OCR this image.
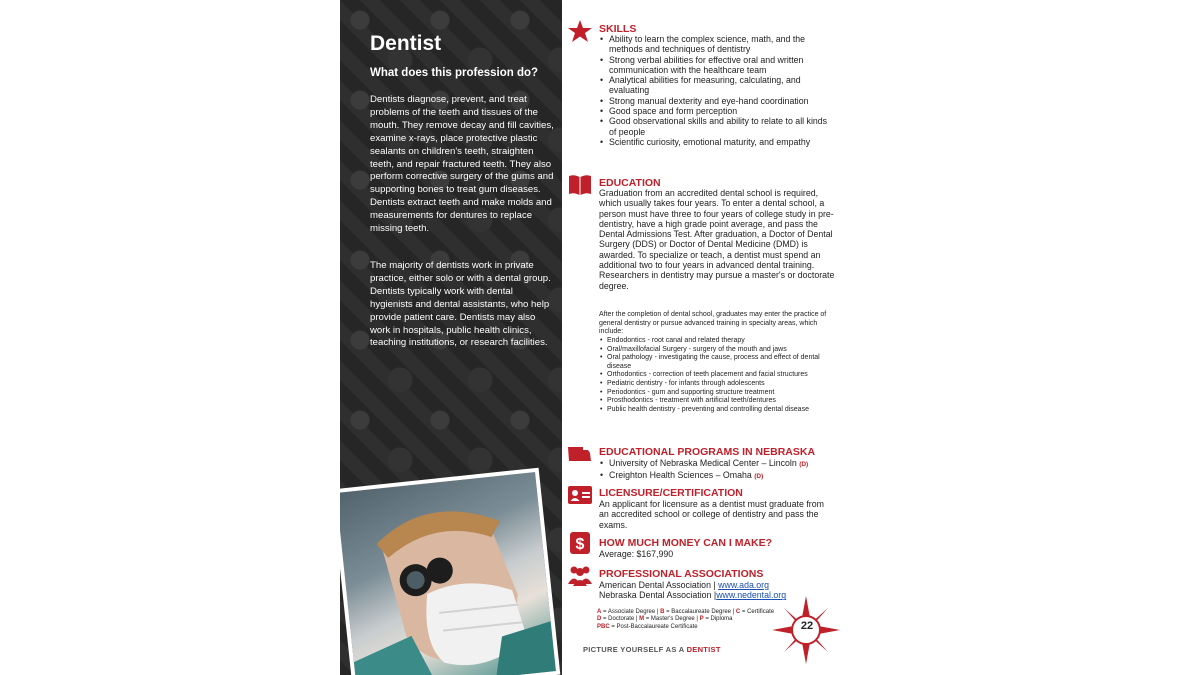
Dentist
What does this profession do?
Dentists diagnose, prevent, and treat problems of the teeth and tissues of the mouth. They remove decay and fill cavities, examine x-rays, place protective plastic sealants on children's teeth, straighten teeth, and repair fractured teeth. They also perform corrective surgery of the gums and supporting bones to treat gum diseases. Dentists extract teeth and make molds and measurements for dentures to replace missing teeth.
The majority of dentists work in private practice, either solo or with a dental group. Dentists typically work with dental hygienists and dental assistants, who help provide patient care. Dentists may also work in hospitals, public health clinics, teaching institutions, or research facilities.
SKILLS
• Ability to learn the complex science, math, and the methods and techniques of dentistry
• Strong verbal abilities for effective oral and written communication with the healthcare team
• Analytical abilities for measuring, calculating, and evaluating
• Strong manual dexterity and eye-hand coordination
• Good space and form perception
• Good observational skills and ability to relate to all kinds of people
• Scientific curiosity, emotional maturity, and empathy
EDUCATION
Graduation from an accredited dental school is required, which usually takes four years. To enter a dental school, a person must have three to four years of college study in pre-dentistry, have a high grade point average, and pass the Dental Admissions Test. After graduation, a Doctor of Dental Surgery (DDS) or Doctor of Dental Medicine (DMD) is awarded. To specialize or teach, a dentist must spend an additional two to four years in advanced dental training. Researchers in dentistry may pursue a master's or doctorate degree.
After the completion of dental school, graduates may enter the practice of general dentistry or pursue advanced training in specialty areas, which include:
• Endodontics - root canal and related therapy
• Oral/maxillofacial Surgery - surgery of the mouth and jaws
• Oral pathology - investigating the cause, process and effect of dental disease
• Orthodontics - correction of teeth placement and facial structures
• Pediatric dentistry - for infants through adolescents
• Periodontics - gum and supporting structure treatment
• Prosthodontics - treatment with artificial teeth/dentures
• Public health dentistry - preventing and controlling dental disease
EDUCATIONAL PROGRAMS IN NEBRASKA
• University of Nebraska Medical Center – Lincoln (D)
• Creighton Health Sciences – Omaha (D)
LICENSURE/CERTIFICATION
An applicant for licensure as a dentist must graduate from an accredited school or college of dentistry and pass the exams.
$ HOW MUCH MONEY CAN I MAKE?
Average: $167,990
PROFESSIONAL ASSOCIATIONS
American Dental Association | www.ada.org
Nebraska Dental Association |www.nedental.org
A = Associate Degree | B = Baccalaureate Degree | C = Certificate
D = Doctorate | M = Master's Degree | P = Diploma
PBC = Post-Baccalaureate Certificate	22
PICTURE YOURSELF AS A DENTIST
